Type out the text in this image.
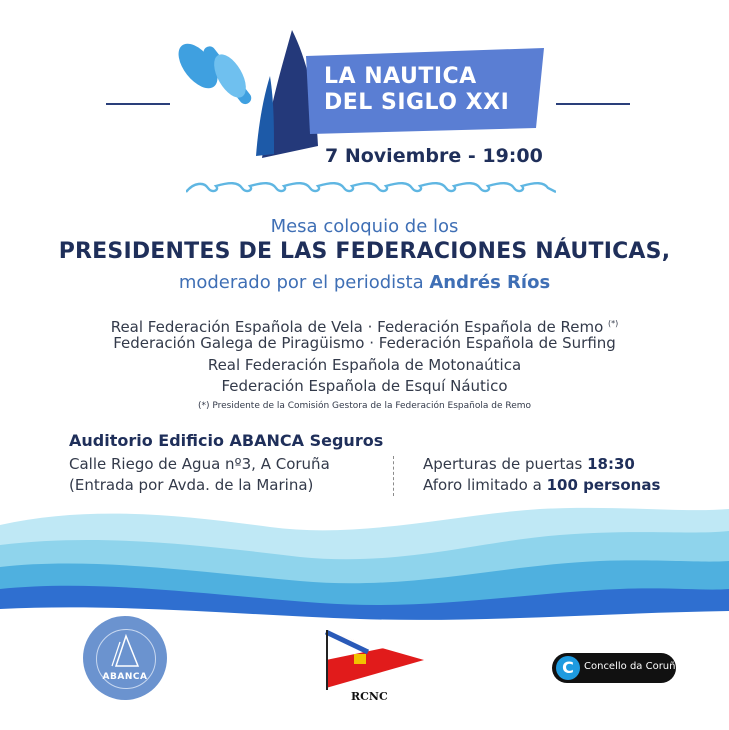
LA NAUTICA
DEL SIGLO XXI
7 Noviembre - 19:00
Mesa coloquio de los
PRESIDENTES DE LAS FEDERACIONES NÁUTICAS,
moderado por el periodista Andrés Ríos
Real Federación Española de Vela · Federación Española de Remo (*)
Federación Galega de Piragüismo · Federación Española de Surfing
Real Federación Española de Motonaútica
Federación Española de Esquí Náutico
(*) Presidente de la Comisión Gestora de la Federación Española de Remo
Auditorio Edificio ABANCA Seguros
Calle Riego de Agua nº3, A Coruña
(Entrada por Avda. de la Marina)
Aperturas de puertas 18:30
Aforo limitado a 100 personas
ABANCA
RCNC
C	Concello da Coruña
